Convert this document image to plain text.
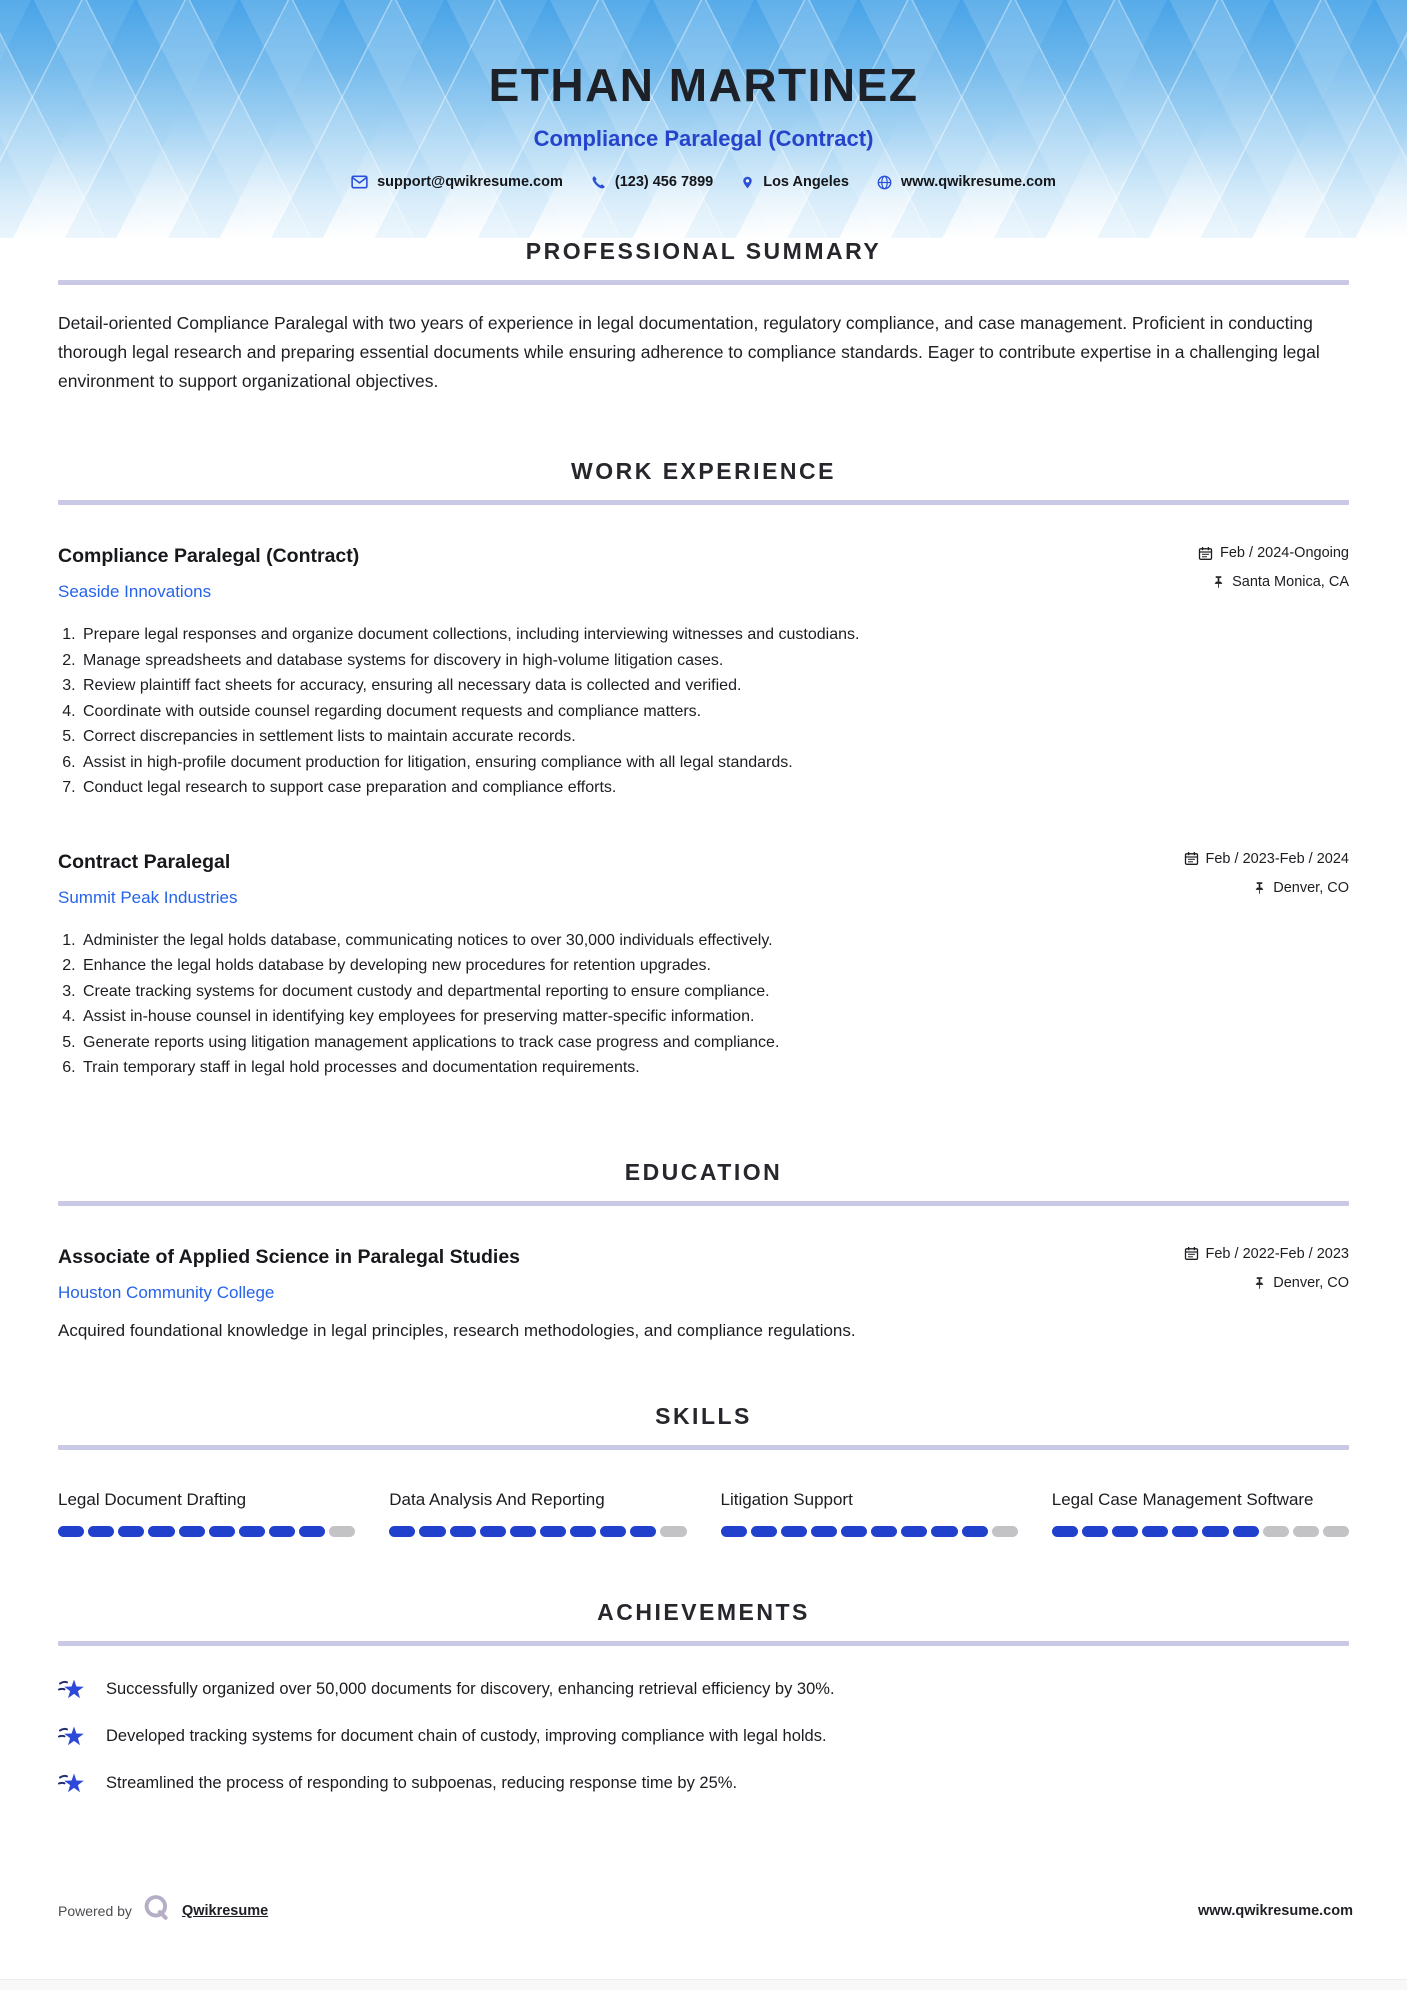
ETHAN MARTINEZ
Compliance Paralegal (Contract)
support@qwikresume.com	(123) 456 7899	Los Angeles	www.qwikresume.com
PROFESSIONAL SUMMARY

Detail-oriented Compliance Paralegal with two years of experience in legal documentation, regulatory compliance, and case management. Proficient in conducting thorough legal research and preparing essential documents while ensuring adherence to compliance standards. Eager to contribute expertise in a challenging legal environment to support organizational objectives.

WORK EXPERIENCE
Compliance Paralegal (Contract)
Seaside Innovations
Feb / 2024-Ongoing
Santa Monica, CA
1. Prepare legal responses and organize document collections, including interviewing witnesses and custodians.
2. Manage spreadsheets and database systems for discovery in high-volume litigation cases.
3. Review plaintiff fact sheets for accuracy, ensuring all necessary data is collected and verified.
4. Coordinate with outside counsel regarding document requests and compliance matters.
5. Correct discrepancies in settlement lists to maintain accurate records.
6. Assist in high-profile document production for litigation, ensuring compliance with all legal standards.
7. Conduct legal research to support case preparation and compliance efforts.
Contract Paralegal
Summit Peak Industries
Feb / 2023-Feb / 2024
Denver, CO
1. Administer the legal holds database, communicating notices to over 30,000 individuals effectively.
2. Enhance the legal holds database by developing new procedures for retention upgrades.
3. Create tracking systems for document custody and departmental reporting to ensure compliance.
4. Assist in-house counsel in identifying key employees for preserving matter-specific information.
5. Generate reports using litigation management applications to track case progress and compliance.
6. Train temporary staff in legal hold processes and documentation requirements.
EDUCATION
Associate of Applied Science in Paralegal Studies
Houston Community College
Feb / 2022-Feb / 2023
Denver, CO

Acquired foundational knowledge in legal principles, research methodologies, and compliance regulations.

SKILLS
Legal Document Drafting	Data Analysis And Reporting	Litigation Support	Legal Case Management Software
ACHIEVEMENTS
Successfully organized over 50,000 documents for discovery, enhancing retrieval efficiency by 30%.
Developed tracking systems for document chain of custody, improving compliance with legal holds.
Streamlined the process of responding to subpoenas, reducing response time by 25%.
Powered by	Qwikresume	www.qwikresume.com
